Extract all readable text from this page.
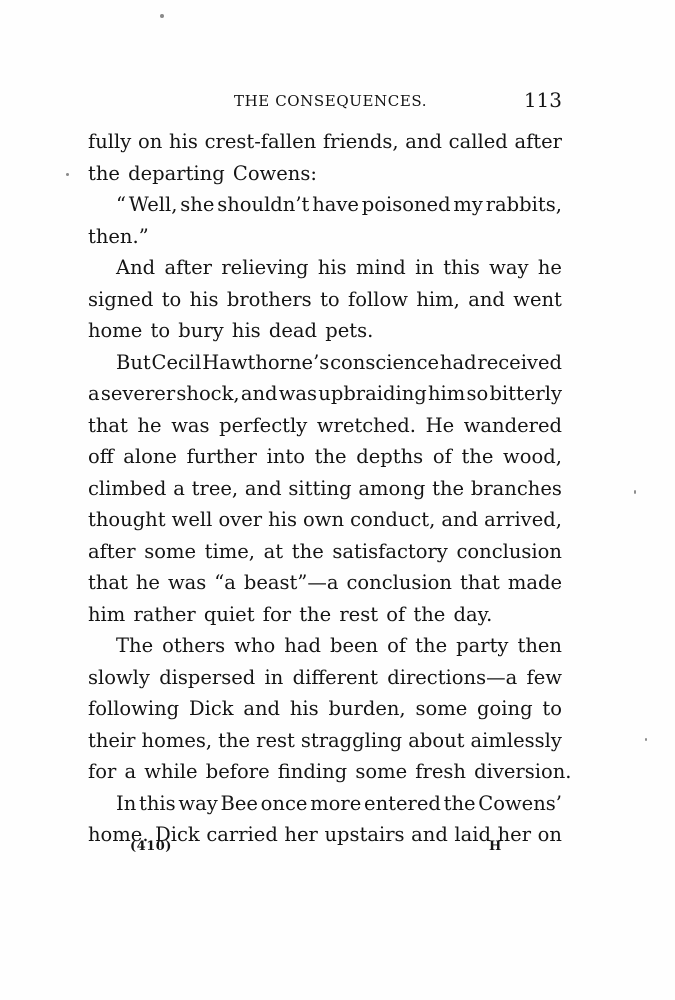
THE CONSEQUENCES.	113
fully on his crest-fallen friends, and called after
the departing Cowens:
“ Well, she shouldn’t have poisoned my rabbits,
then.”
And after relieving his mind in this way he
signed to his brothers to follow him, and went
home to bury his dead pets.
But Cecil Hawthorne’s conscience had received
a severer shock, and was upbraiding him so bitterly
that he was perfectly wretched. He wandered
off alone further into the depths of the wood,
climbed a tree, and sitting among the branches
thought well over his own conduct, and arrived,
after some time, at the satisfactory conclusion
that he was “a beast”—a conclusion that made
him rather quiet for the rest of the day.
The others who had been of the party then
slowly dispersed in different directions—a few
following Dick and his burden, some going to
their homes, the rest straggling about aimlessly
for a while before finding some fresh diversion.
In this way Bee once more entered the Cowens’
home. Dick carried her upstairs and laid her on
(410)	H
